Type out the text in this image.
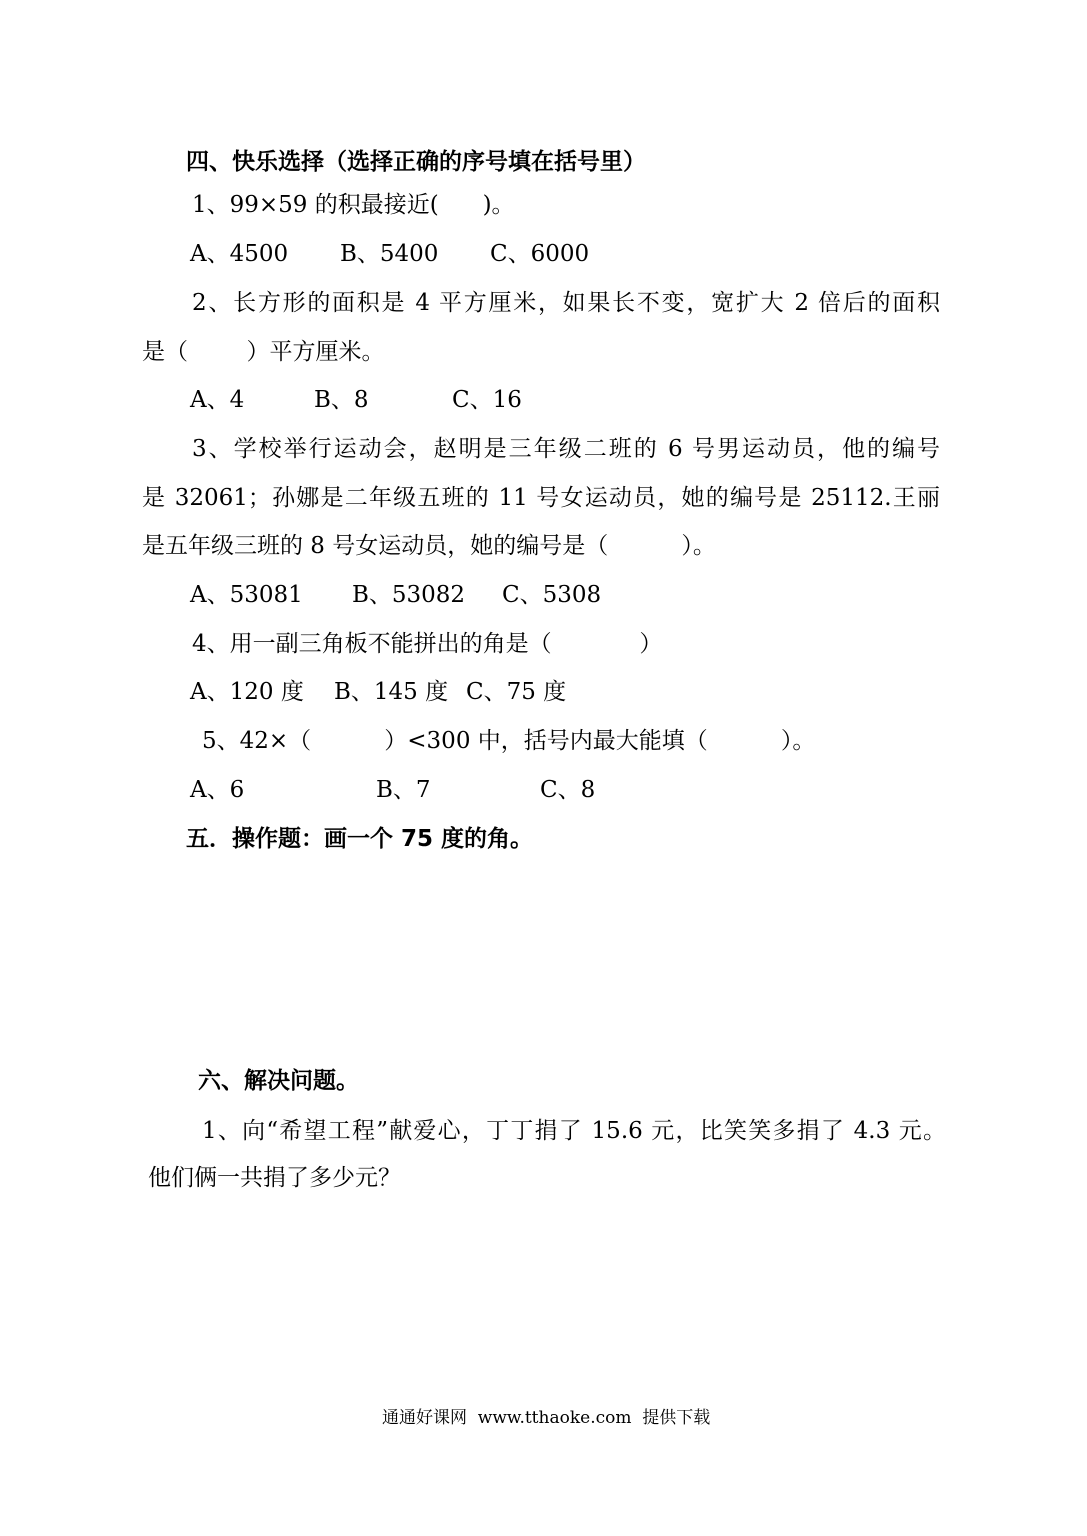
四、快乐选择（选择正确的序号填在括号里）
1、99×59 的积最接近(      )。
A、4500 B、5400 C、6000
2、长方形的面积是 4 平方厘米，如果长不变，宽扩大 2 倍后的面积
是（        ）平方厘米。
A、4	B、8	C、16
3、学校举行运动会，赵明是三年级二班的 6 号男运动员，他的编号
是 32061；孙娜是二年级五班的 11 号女运动员，她的编号是 25112.王丽
是五年级三班的 8 号女运动员，她的编号是（          ）。
A、53081 B、53082 C、5308
4、用一副三角板不能拼出的角是（            ）
A、120 度 B、145 度 C、75 度
5、42×（          ）<300 中，括号内最大能填（          ）。
A、6	B、7	C、8
五．操作题：画一个 75 度的角。
六、解决问题。
1、向“希望工程”献爱心，丁丁捐了 15.6 元，比笑笑多捐了 4.3 元。
他们俩一共捐了多少元？
通通好课网  www.tthaoke.com  提供下载
